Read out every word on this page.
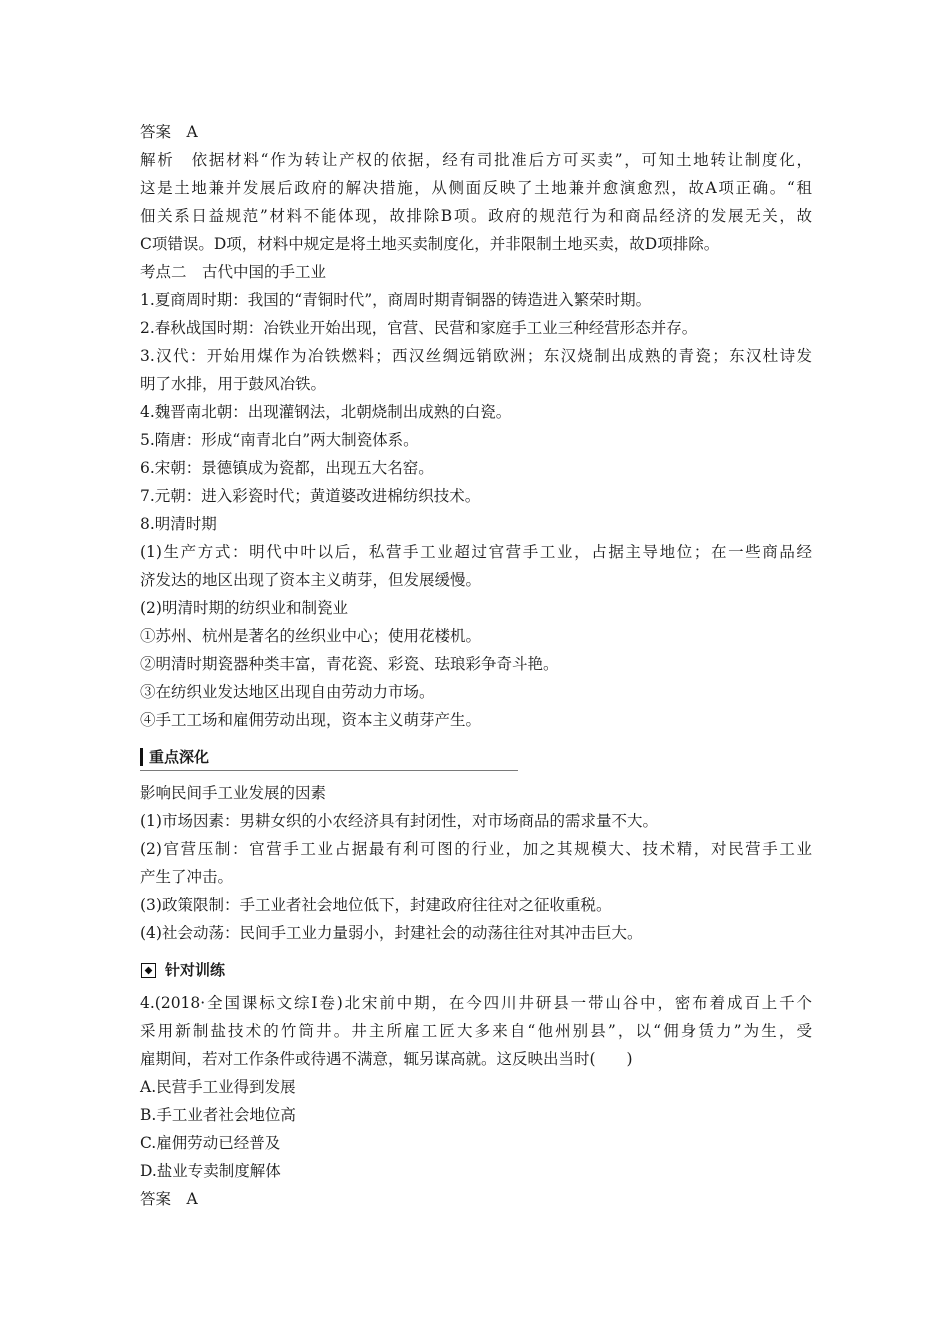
答案　A
解析　依据材料“作为转让产权的依据，经有司批准后方可买卖”，可知土地转让制度化，
这是土地兼并发展后政府的解决措施，从侧面反映了土地兼并愈演愈烈，故A项正确。“租
佃关系日益规范”材料不能体现，故排除B项。政府的规范行为和商品经济的发展无关，故
C项错误。D项，材料中规定是将土地买卖制度化，并非限制土地买卖，故D项排除。
考点二　古代中国的手工业
1.夏商周时期：我国的“青铜时代”，商周时期青铜器的铸造进入繁荣时期。
2.春秋战国时期：冶铁业开始出现，官营、民营和家庭手工业三种经营形态并存。
3.汉代：开始用煤作为冶铁燃料；西汉丝绸远销欧洲；东汉烧制出成熟的青瓷；东汉杜诗发
明了水排，用于鼓风冶铁。
4.魏晋南北朝：出现灌钢法，北朝烧制出成熟的白瓷。
5.隋唐：形成“南青北白”两大制瓷体系。
6.宋朝：景德镇成为瓷都，出现五大名窑。
7.元朝：进入彩瓷时代；黄道婆改进棉纺织技术。
8.明清时期
(1)生产方式：明代中叶以后，私营手工业超过官营手工业，占据主导地位；在一些商品经
济发达的地区出现了资本主义萌芽，但发展缓慢。
(2)明清时期的纺织业和制瓷业
①苏州、杭州是著名的丝织业中心；使用花楼机。
②明清时期瓷器种类丰富，青花瓷、彩瓷、珐琅彩争奇斗艳。
③在纺织业发达地区出现自由劳动力市场。
④手工工场和雇佣劳动出现，资本主义萌芽产生。
重点深化
影响民间手工业发展的因素
(1)市场因素：男耕女织的小农经济具有封闭性，对市场商品的需求量不大。
(2)官营压制：官营手工业占据最有利可图的行业，加之其规模大、技术精，对民营手工业
产生了冲击。
(3)政策限制：手工业者社会地位低下，封建政府往往对之征收重税。
(4)社会动荡：民间手工业力量弱小，封建社会的动荡往往对其冲击巨大。
针对训练
4.(2018·全国课标文综Ⅰ卷)北宋前中期，在今四川井研县一带山谷中，密布着成百上千个
采用新制盐技术的竹筒井。井主所雇工匠大多来自“他州别县”，以“佣身赁力”为生，受
雇期间，若对工作条件或待遇不满意，辄另谋高就。这反映出当时(　　)
A.民营手工业得到发展
B.手工业者社会地位高
C.雇佣劳动已经普及
D.盐业专卖制度解体
答案　A
